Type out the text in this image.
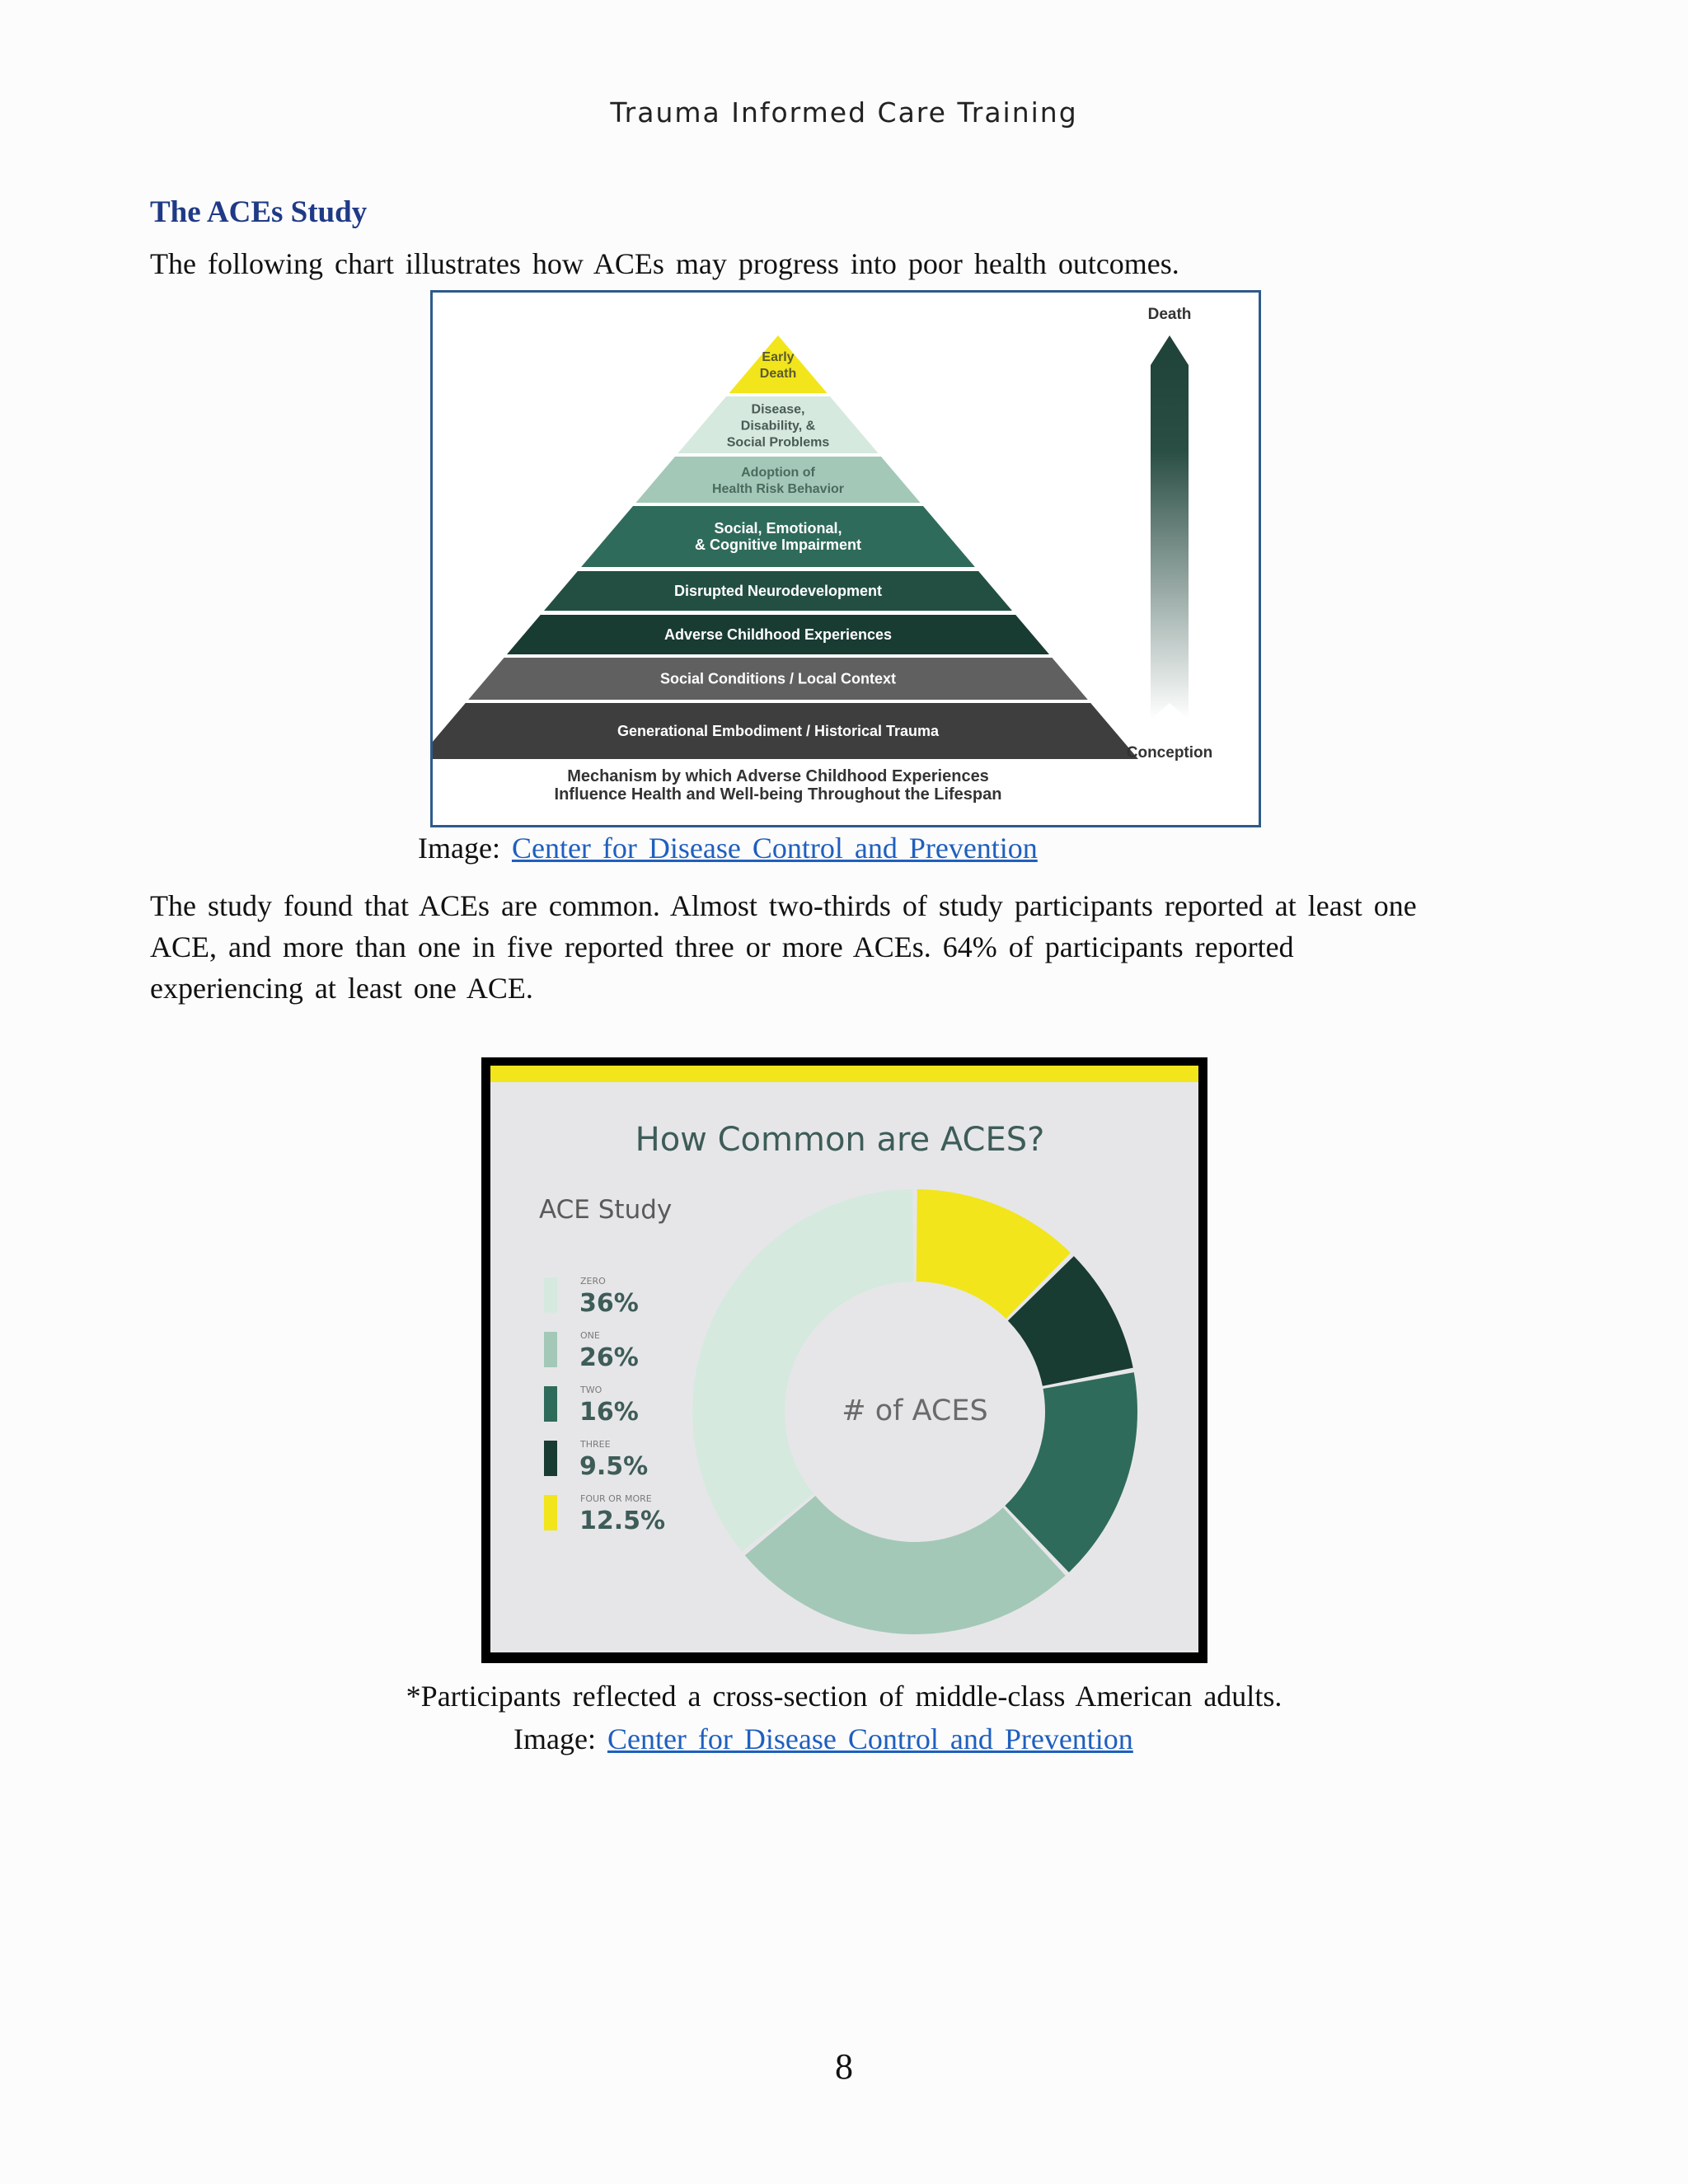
Trauma Informed Care Training
The ACEs Study
The following chart illustrates how ACEs may progress into poor health outcomes.
Early
Death
Disease,
Disability, &
Social Problems
Adoption of
Health Risk Behavior
Social, Emotional,
& Cognitive Impairment
Disrupted Neurodevelopment
Adverse Childhood Experiences
Social Conditions / Local Context
Generational Embodiment / Historical Trauma
Death
Conception
Mechanism by which Adverse Childhood Experiences
Influence Health and Well-being Throughout the Lifespan
Image: Center for Disease Control and Prevention
The study found that ACEs are common. Almost two-thirds of study participants reported at least one
ACE, and more than one in five reported three or more ACEs. 64% of participants reported
experiencing at least one ACE.
How Common are ACES?
ACE Study
# of ACES
ZERO
36%
ONE
26%
TWO
16%
THREE
9.5%
FOUR OR MORE
12.5%
*Participants reflected a cross-section of middle-class American adults.
Image: Center for Disease Control and Prevention
8
